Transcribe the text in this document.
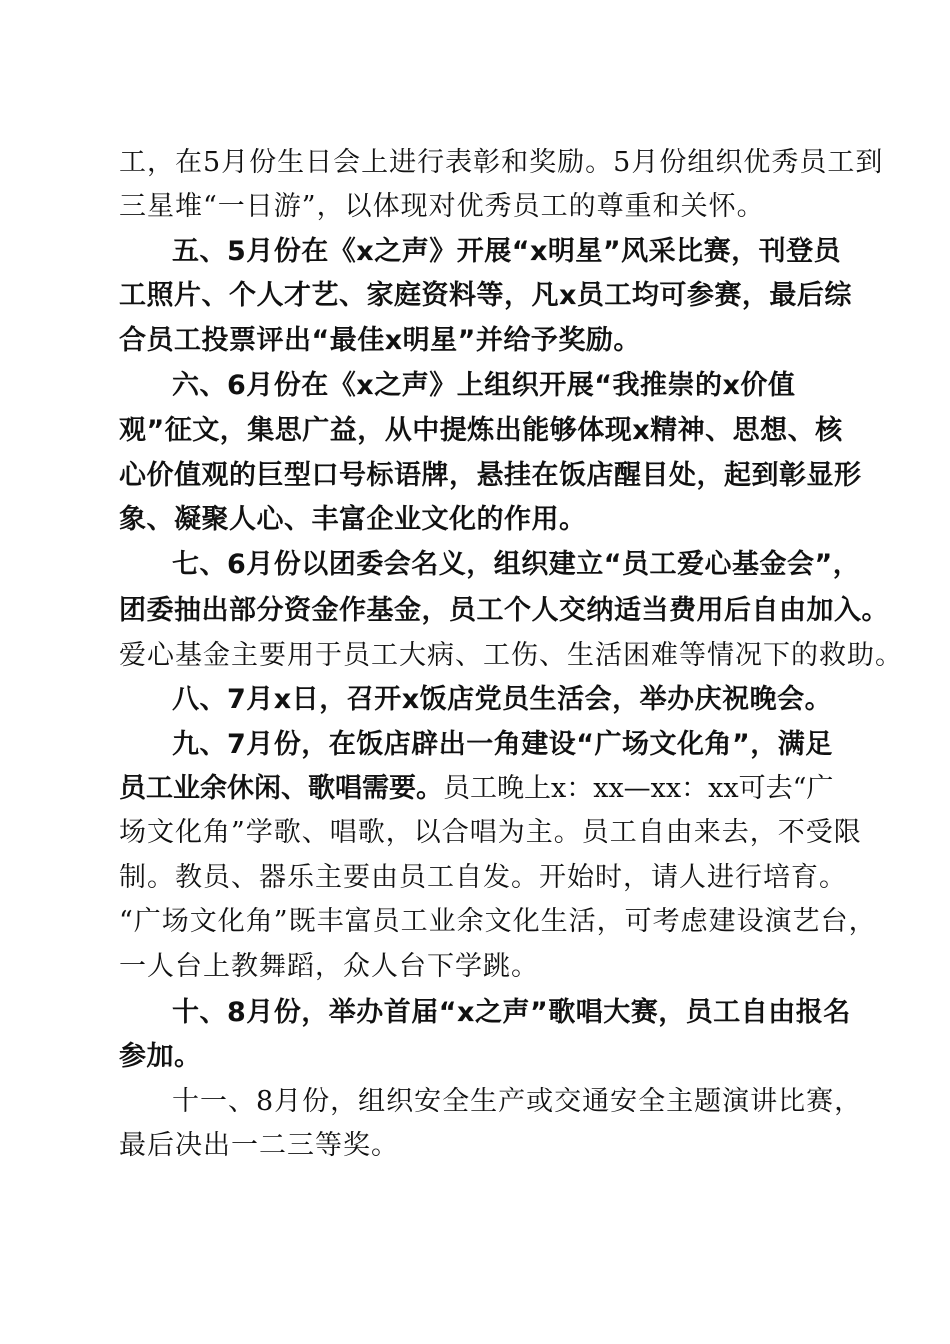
工，在5月份生日会上进行表彰和奖励。5月份组织优秀员工到
三星堆“一日游”，以体现对优秀员工的尊重和关怀。
五、5月份在《x之声》开展“x明星”风采比赛，刊登员
工照片、个人才艺、家庭资料等，凡x员工均可参赛，最后综
合员工投票评出“最佳x明星”并给予奖励。
六、6月份在《x之声》上组织开展“我推崇的x价值
观”征文，集思广益，从中提炼出能够体现x精神、思想、核
心价值观的巨型口号标语牌，悬挂在饭店醒目处，起到彰显形
象、凝聚人心、丰富企业文化的作用。
七、6月份以团委会名义，组织建立“员工爱心基金会”，
团委抽出部分资金作基金，员工个人交纳适当费用后自由加入。
爱心基金主要用于员工大病、工伤、生活困难等情况下的救助。
八、7月x日，召开x饭店党员生活会，举办庆祝晚会。
九、7月份，在饭店辟出一角建设“广场文化角”，满足
员工业余休闲、歌唱需要。员工晚上x：xx—xx：xx可去“广
场文化角”学歌、唱歌，以合唱为主。员工自由来去，不受限
制。教员、器乐主要由员工自发。开始时，请人进行培育。
“广场文化角”既丰富员工业余文化生活，可考虑建设演艺台，
一人台上教舞蹈，众人台下学跳。
十、8月份，举办首届“x之声”歌唱大赛，员工自由报名
参加。
十一、8月份，组织安全生产或交通安全主题演讲比赛，
最后决出一二三等奖。
